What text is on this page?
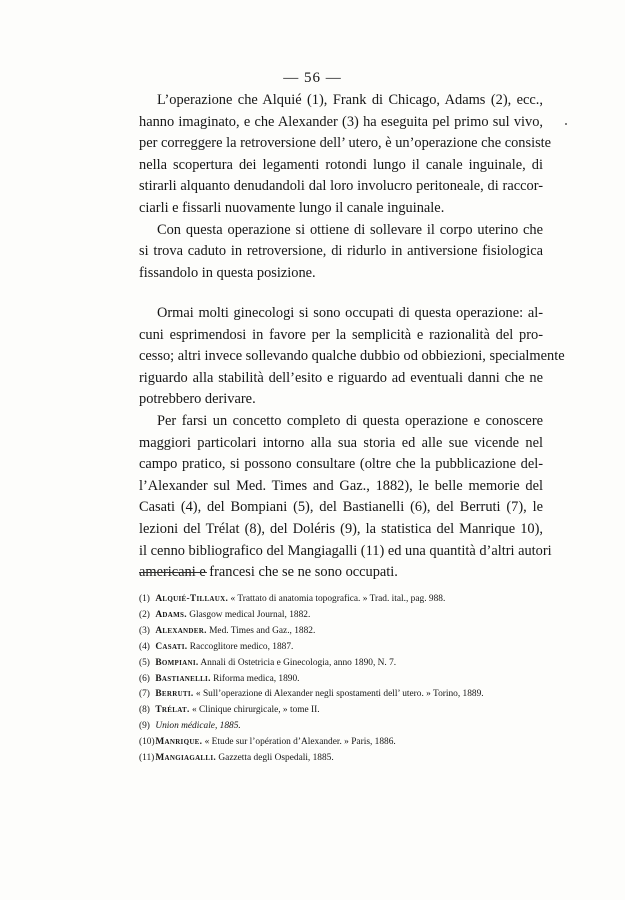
— 56 —
L’operazione che Alquié (1), Frank di Chicago, Adams (2), ecc.,
hanno imaginato, e che Alexander (3) ha eseguita pel primo sul vivo,
per correggere la retroversione dell’ utero, è un’operazione che consiste
nella scopertura dei legamenti rotondi lungo il canale inguinale, di
stirarli alquanto denudandoli dal loro involucro peritoneale, di raccor-
ciarli e fissarli nuovamente lungo il canale inguinale.
Con questa operazione si ottiene di sollevare il corpo uterino che
si trova caduto in retroversione, di ridurlo in antiversione fisiologica
fissandolo in questa posizione.
Ormai molti ginecologi si sono occupati di questa operazione: al-
cuni esprimendosi in favore per la semplicità e razionalità del pro-
cesso; altri invece sollevando qualche dubbio od obbiezioni, specialmente
riguardo alla stabilità dell’esito e riguardo ad eventuali danni che ne
potrebbero derivare.
Per farsi un concetto completo di questa operazione e conoscere
maggiori particolari intorno alla sua storia ed alle sue vicende nel
campo pratico, si possono consultare (oltre che la pubblicazione del-
l’Alexander sul Med. Times and Gaz., 1882), le belle memorie del
Casati (4), del Bompiani (5), del Bastianelli (6), del Berruti (7), le
lezioni del Trélat (8), del Doléris (9), la statistica del Manrique 10),
il cenno bibliografico del Mangiagalli (11) ed una quantità d’altri autori
americani e francesi che se ne sono occupati.
(1) Alquié-Tillaux. « Trattato di anatomia topografica. » Trad. ital., pag. 988.
(2) Adams. Glasgow medical Journal, 1882.
(3) Alexander. Med. Times and Gaz., 1882.
(4) Casati. Raccoglitore medico, 1887.
(5) Bompiani. Annali di Ostetricia e Ginecologia, anno 1890, N. 7.
(6) Bastianelli. Riforma medica, 1890.
(7) Berruti. « Sull’operazione di Alexander negli spostamenti dell’ utero. » Torino, 1889.
(8) Trélat. « Clinique chirurgicale, » tome II.
(9) Union médicale, 1885.
(10) Manrique. « Etude sur l’opération d’Alexander. » Paris, 1886.
(11) Mangiagalli. Gazzetta degli Ospedali, 1885.
